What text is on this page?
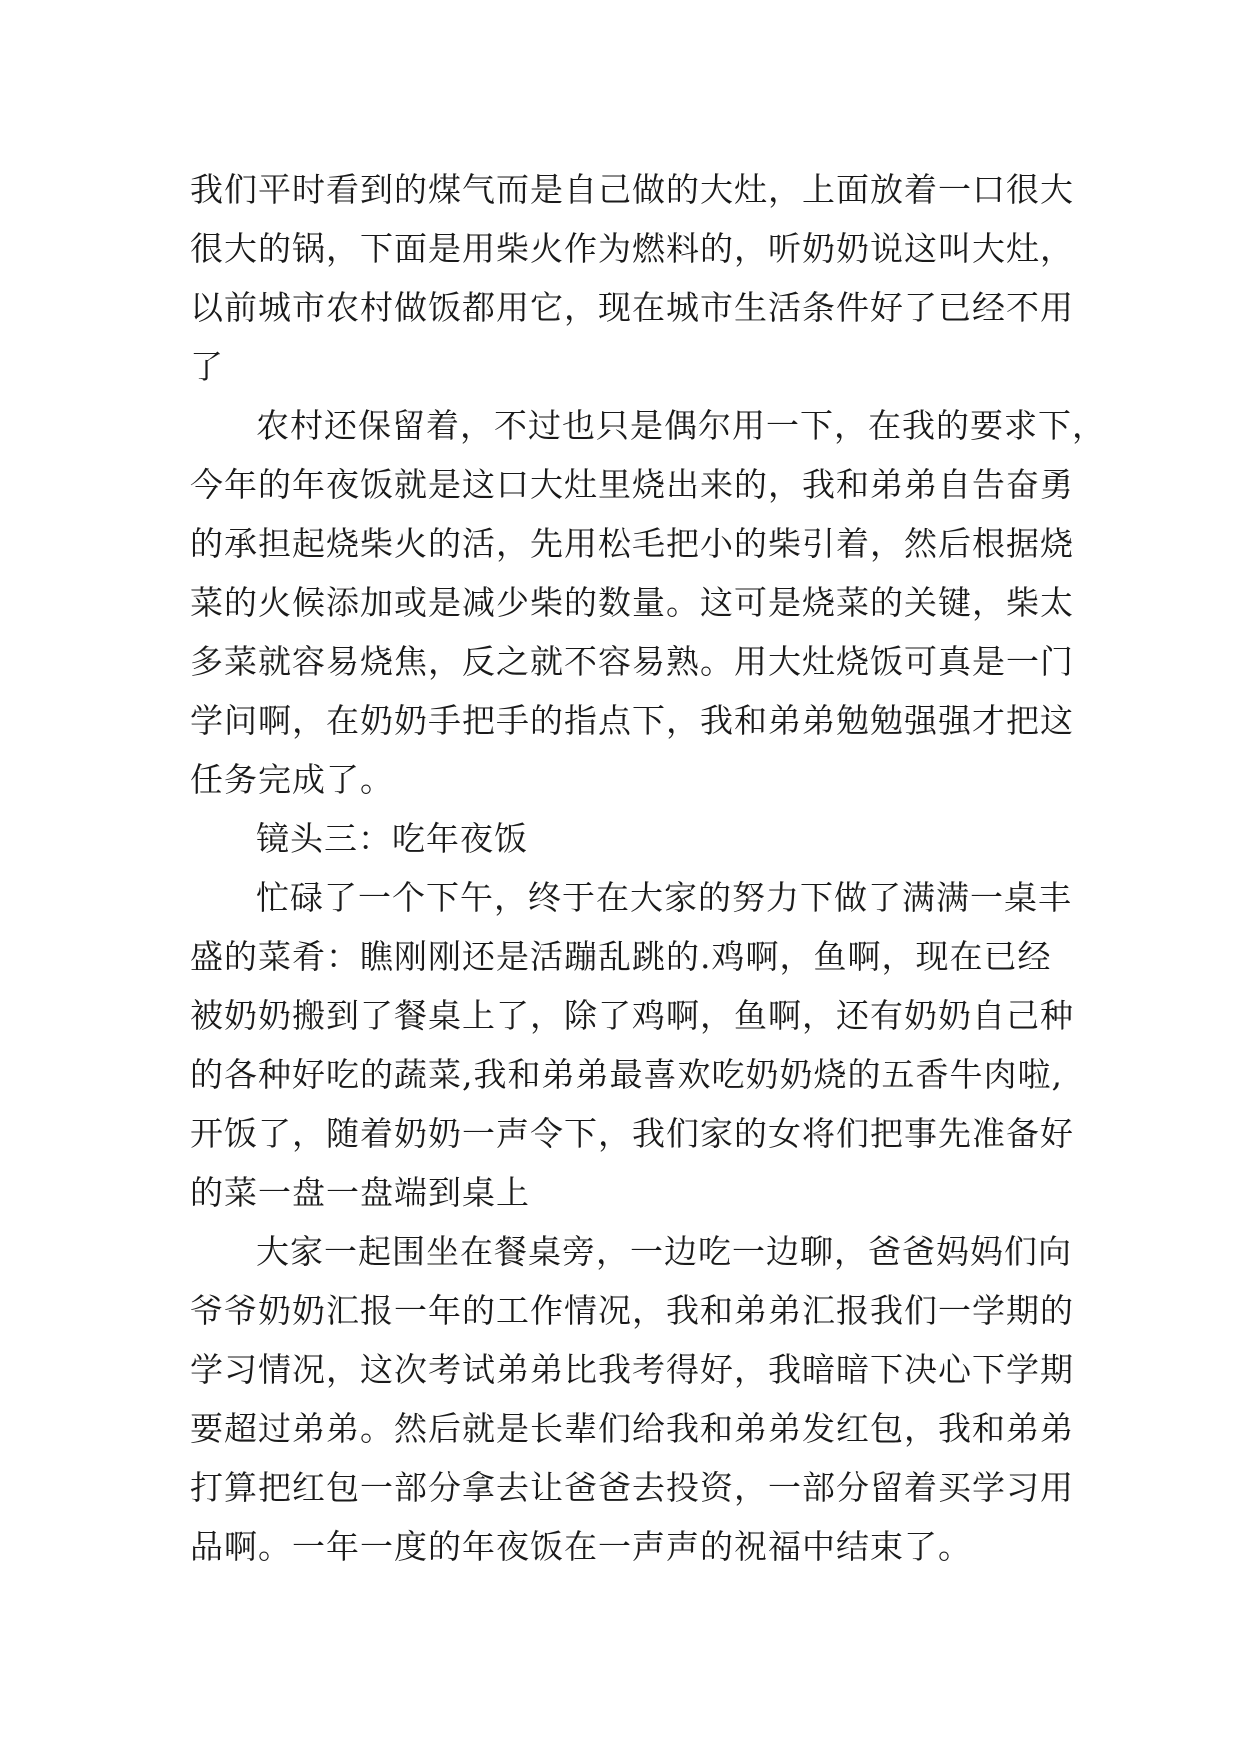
我们平时看到的煤气而是自己做的大灶，上面放着一口很大
很大的锅，下面是用柴火作为燃料的，听奶奶说这叫大灶，
以前城市农村做饭都用它，现在城市生活条件好了已经不用
了

农村还保留着，不过也只是偶尔用一下，在我的要求下，
今年的年夜饭就是这口大灶里烧出来的，我和弟弟自告奋勇
的承担起烧柴火的活，先用松毛把小的柴引着，然后根据烧
菜的火候添加或是减少柴的数量。这可是烧菜的关键，柴太
多菜就容易烧焦，反之就不容易熟。用大灶烧饭可真是一门
学问啊，在奶奶手把手的指点下，我和弟弟勉勉强强才把这
任务完成了。

镜头三：吃年夜饭

忙碌了一个下午，终于在大家的努力下做了满满一桌丰
盛的菜肴：瞧刚刚还是活蹦乱跳的.鸡啊，鱼啊，现在已经
被奶奶搬到了餐桌上了，除了鸡啊，鱼啊，还有奶奶自己种
的各种好吃的蔬菜,我和弟弟最喜欢吃奶奶烧的五香牛肉啦,
开饭了，随着奶奶一声令下，我们家的女将们把事先准备好
的菜一盘一盘端到桌上

大家一起围坐在餐桌旁，一边吃一边聊，爸爸妈妈们向
爷爷奶奶汇报一年的工作情况，我和弟弟汇报我们一学期的
学习情况，这次考试弟弟比我考得好，我暗暗下决心下学期
要超过弟弟。然后就是长辈们给我和弟弟发红包，我和弟弟
打算把红包一部分拿去让爸爸去投资，一部分留着买学习用
品啊。一年一度的年夜饭在一声声的祝福中结束了。
